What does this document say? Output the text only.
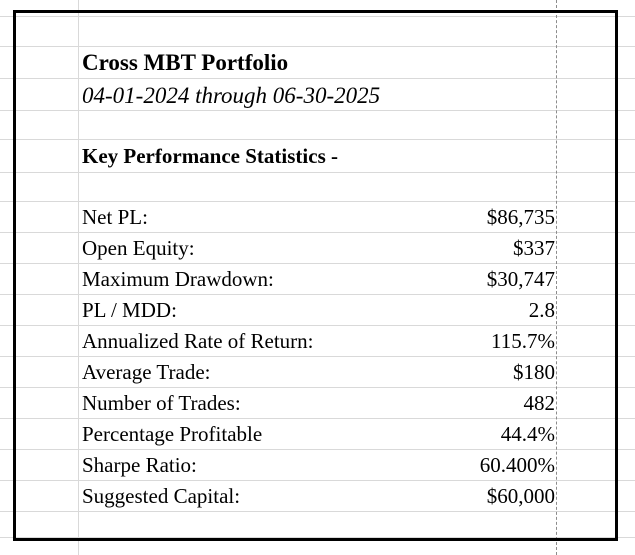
Cross MBT Portfolio
04-01-2024 through 06-30-2025
Key Performance Statistics -
Net PL:	$86,735
Open Equity:	$337
Maximum Drawdown:	$30,747
PL / MDD:	2.8
Annualized Rate of Return:	115.7%
Average Trade:	$180
Number of Trades:	482
Percentage Profitable	44.4%
Sharpe Ratio:	60.400%
Suggested Capital:	$60,000
